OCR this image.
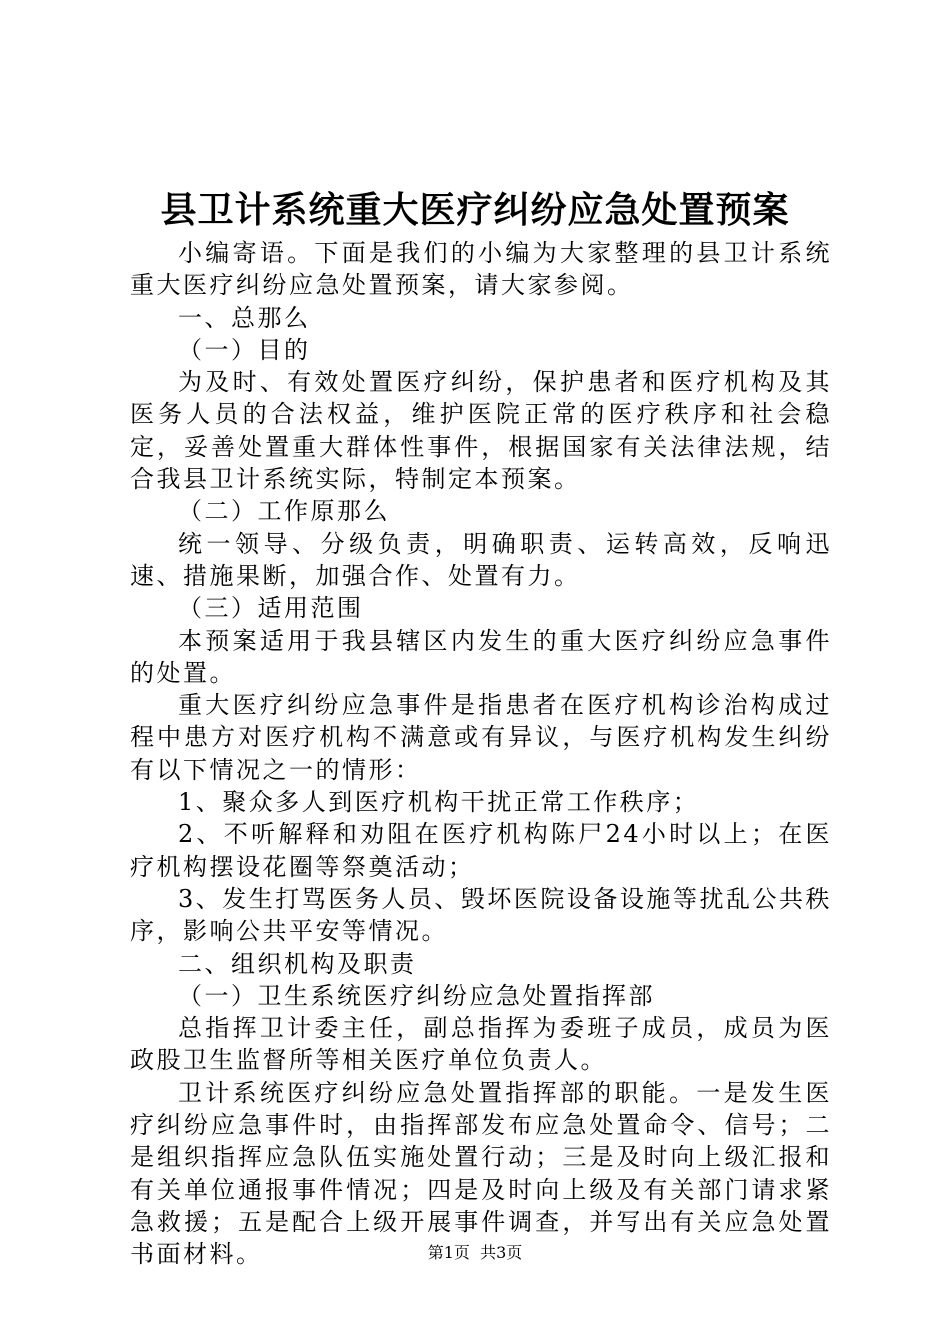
县卫计系统重大医疗纠纷应急处置预案

小编寄语。下面是我们的小编为大家整理的县卫计系统重大医疗纠纷应急处置预案，请大家参阅。

一、总那么

（一）目的

为及时、有效处置医疗纠纷，保护患者和医疗机构及其医务人员的合法权益，维护医院正常的医疗秩序和社会稳定，妥善处置重大群体性事件，根据国家有关法律法规，结合我县卫计系统实际，特制定本预案。

（二）工作原那么

统一领导、分级负责，明确职责、运转高效，反响迅速、措施果断，加强合作、处置有力。

（三）适用范围

本预案适用于我县辖区内发生的重大医疗纠纷应急事件的处置。

重大医疗纠纷应急事件是指患者在医疗机构诊治构成过程中患方对医疗机构不满意或有异议，与医疗机构发生纠纷有以下情况之一的情形：

1、聚众多人到医疗机构干扰正常工作秩序；

2、不听解释和劝阻在医疗机构陈尸24小时以上；在医疗机构摆设花圈等祭奠活动；

3、发生打骂医务人员、毁坏医院设备设施等扰乱公共秩序，影响公共平安等情况。

二、组织机构及职责

（一）卫生系统医疗纠纷应急处置指挥部

总指挥卫计委主任，副总指挥为委班子成员，成员为医政股卫生监督所等相关医疗单位负责人。

卫计系统医疗纠纷应急处置指挥部的职能。一是发生医疗纠纷应急事件时，由指挥部发布应急处置命令、信号；二是组织指挥应急队伍实施处置行动；三是及时向上级汇报和有关单位通报事件情况；四是及时向上级及有关部门请求紧急救援；五是配合上级开展事件调查，并写出有关应急处置书面材料。	第1页  共3页
